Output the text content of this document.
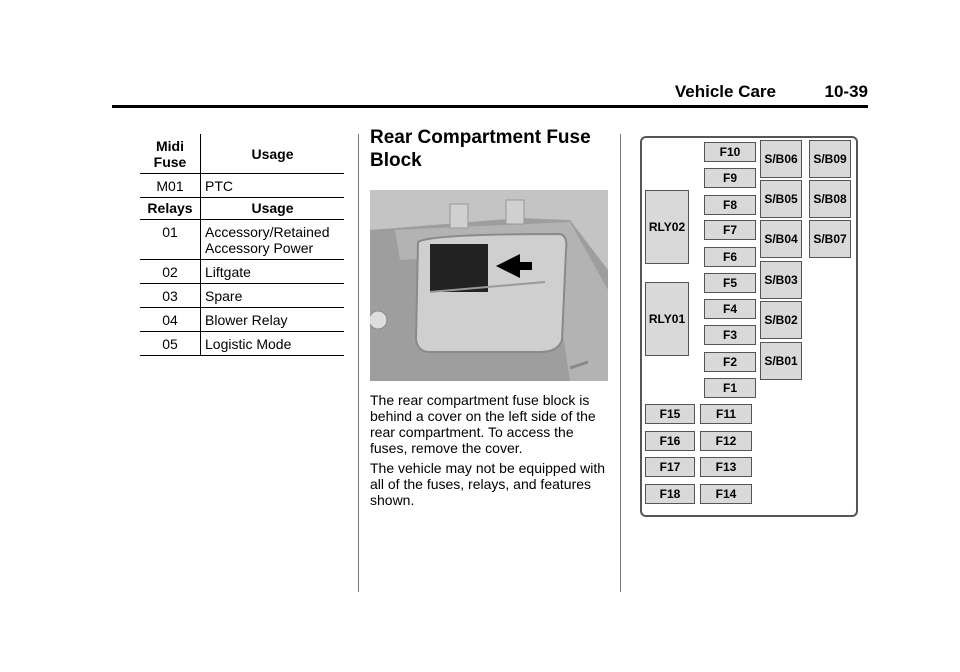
Vehicle Care	10-39
Midi Fuse	Usage
M01	PTC
Relays	Usage
01	Accessory/Retained Accessory Power
02	Liftgate
03	Spare
04	Blower Relay
05	Logistic Mode
Rear Compartment Fuse Block

The rear compartment fuse block is behind a cover on the left side of the rear compartment. To access the fuses, remove the cover.

The vehicle may not be equipped with all of the fuses, relays, and features shown.

RLY02
RLY01
F10
F9
F8
F7
F6
F5
F4
F3
F2
F1
F11
F12
F13
F14
F15
F16
F17
F18
S/B06
S/B05
S/B04
S/B03
S/B02
S/B01
S/B09
S/B08
S/B07
